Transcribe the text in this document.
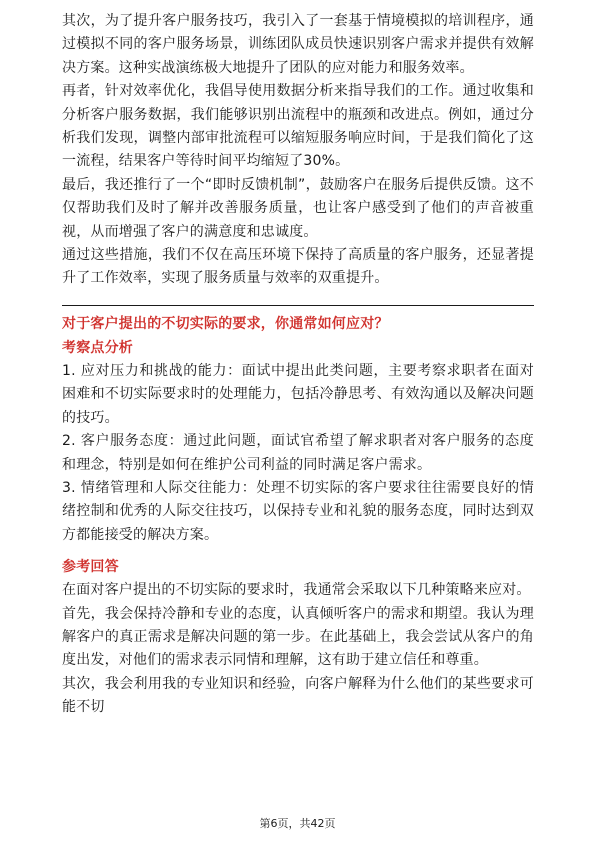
其次，为了提升客户服务技巧，我引入了一套基于情境模拟的培训程序，通过模拟不同的客户服务场景，训练团队成员快速识别客户需求并提供有效解决方案。这种实战演练极大地提升了团队的应对能力和服务效率。

再者，针对效率优化，我倡导使用数据分析来指导我们的工作。通过收集和分析客户服务数据，我们能够识别出流程中的瓶颈和改进点。例如，通过分析我们发现，调整内部审批流程可以缩短服务响应时间，于是我们简化了这一流程，结果客户等待时间平均缩短了30%。

最后，我还推行了一个“即时反馈机制”，鼓励客户在服务后提供反馈。这不仅帮助我们及时了解并改善服务质量，也让客户感受到了他们的声音被重视，从而增强了客户的满意度和忠诚度。

通过这些措施，我们不仅在高压环境下保持了高质量的客户服务，还显著提升了工作效率，实现了服务质量与效率的双重提升。

对于客户提出的不切实际的要求，你通常如何应对？

考察点分析

1. 应对压力和挑战的能力：面试中提出此类问题，主要考察求职者在面对困难和不切实际要求时的处理能力，包括冷静思考、有效沟通以及解决问题的技巧。

2. 客户服务态度：通过此问题，面试官希望了解求职者对客户服务的态度和理念，特别是如何在维护公司利益的同时满足客户需求。

3. 情绪管理和人际交往能力：处理不切实际的客户要求往往需要良好的情绪控制和优秀的人际交往技巧，以保持专业和礼貌的服务态度，同时达到双方都能接受的解决方案。

参考回答

在面对客户提出的不切实际的要求时，我通常会采取以下几种策略来应对。

首先，我会保持冷静和专业的态度，认真倾听客户的需求和期望。我认为理解客户的真正需求是解决问题的第一步。在此基础上，我会尝试从客户的角度出发，对他们的需求表示同情和理解，这有助于建立信任和尊重。

其次，我会利用我的专业知识和经验，向客户解释为什么他们的某些要求可能不切

第6页，共42页
